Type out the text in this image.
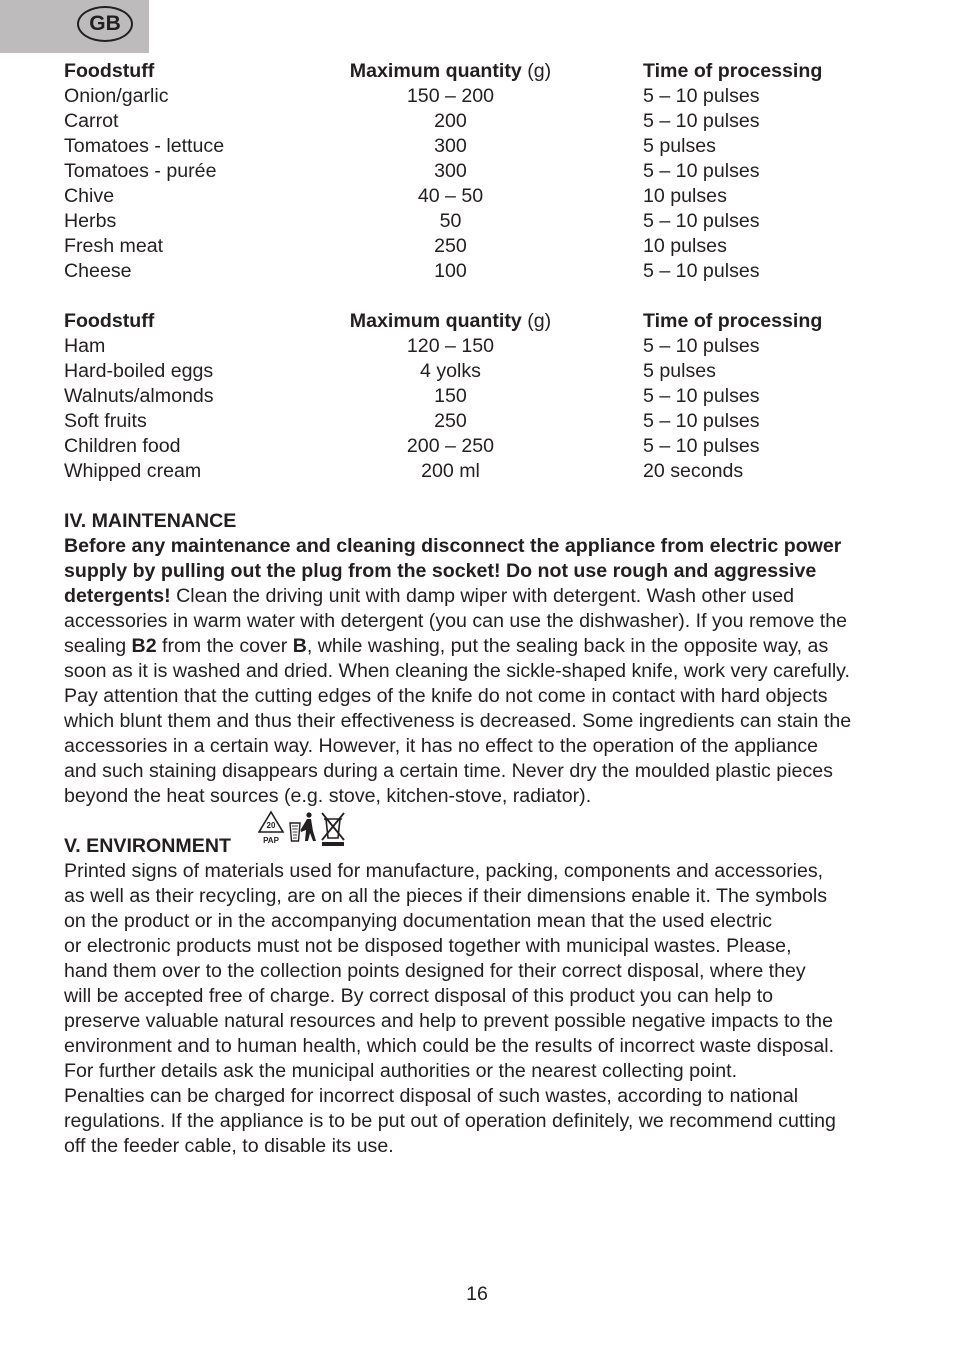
GB
Foodstuff	Maximum quantity (g)	Time of processing
Onion/garlic	150 – 200	5 – 10 pulses
Carrot	200	5 – 10 pulses
Tomatoes - lettuce	300	5 pulses
Tomatoes - purée	300	5 – 10 pulses
Chive	40 – 50	10 pulses
Herbs	50	5 – 10 pulses
Fresh meat	250	10 pulses
Cheese	100	5 – 10 pulses
Foodstuff	Maximum quantity (g)	Time of processing
Ham	120 – 150	5 – 10 pulses
Hard-boiled eggs	4 yolks	5 pulses
Walnuts/almonds	150	5 – 10 pulses
Soft fruits	250	5 – 10 pulses
Children food	200 – 250	5 – 10 pulses
Whipped cream	200 ml	20 seconds
IV. MAINTENANCE
Before any maintenance and cleaning disconnect the appliance from electric power
supply by pulling out the plug from the socket! Do not use rough and aggressive
detergents! Clean the driving unit with damp wiper with detergent. Wash other used
accessories in warm water with detergent (you can use the dishwasher). If you remove the
sealing B2 from the cover B, while washing, put the sealing back in the opposite way, as
soon as it is washed and dried. When cleaning the sickle-shaped knife, work very carefully.
Pay attention that the cutting edges of the knife do not come in contact with hard objects
which blunt them and thus their effectiveness is decreased. Some ingredients can stain the
accessories in a certain way. However, it has no effect to the operation of the appliance
and such staining disappears during a certain time. Never dry the moulded plastic pieces
beyond the heat sources (e.g. stove, kitchen-stove, radiator).
V. ENVIRONMENT
20
PAP
Printed signs of materials used for manufacture, packing, components and accessories,
as well as their recycling, are on all the pieces if their dimensions enable it. The symbols
on the product or in the accompanying documentation mean that the used electric
or electronic products must not be disposed together with municipal wastes. Please,
hand them over to the collection points designed for their correct disposal, where they
will be accepted free of charge. By correct disposal of this product you can help to
preserve valuable natural resources and help to prevent possible negative impacts to the
environment and to human health, which could be the results of incorrect waste disposal.
For further details ask the municipal authorities or the nearest collecting point.
Penalties can be charged for incorrect disposal of such wastes, according to national
regulations. If the appliance is to be put out of operation definitely, we recommend cutting
off the feeder cable, to disable its use.
16
